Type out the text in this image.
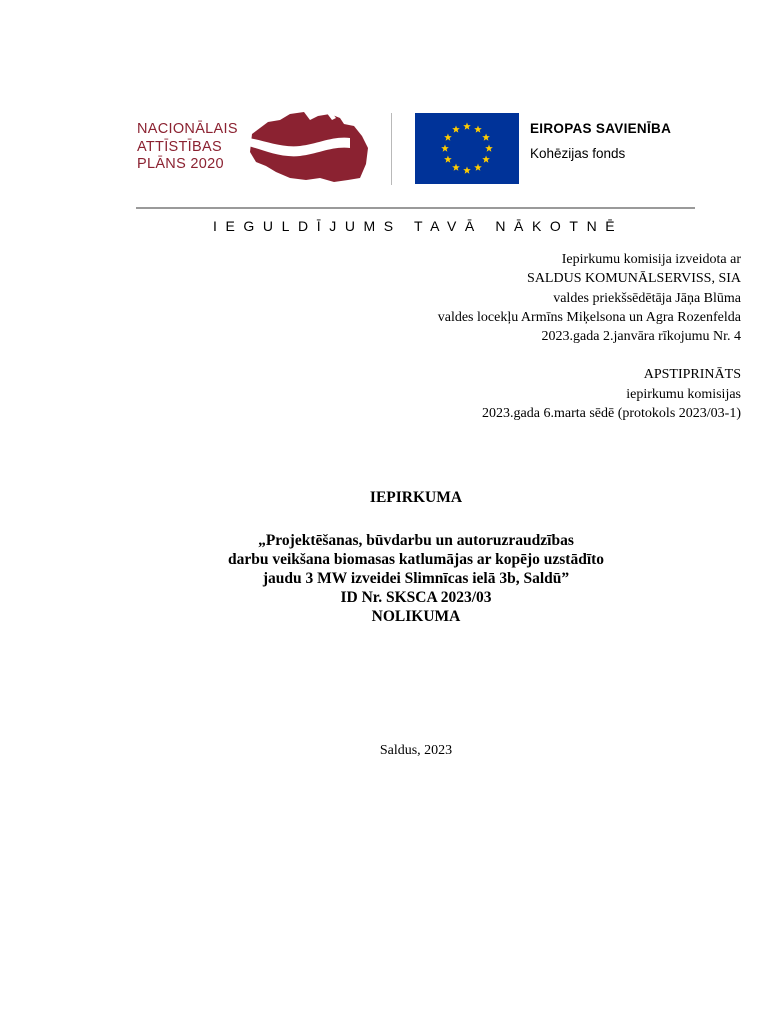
NACIONĀLAIS
ATTĪSTĪBAS
PLĀNS 2020
EIROPAS SAVIENĪBA
Kohēzijas fonds
IEGULDĪJUMS TAVĀ NĀKOTNĒ
Iepirkumu komisija izveidota ar
SALDUS KOMUNĀLSERVISS, SIA
valdes priekšsēdētāja Jāņa Blūma
valdes locekļu Armīns Miķelsona un Agra Rozenfelda
2023.gada 2.janvāra rīkojumu Nr. 4
APSTIPRINĀTS
iepirkumu komisijas
2023.gada 6.marta sēdē (protokols 2023/03-1)
IEPIRKUMA
„Projektēšanas, būvdarbu un autoruzraudzības
darbu veikšana biomasas katlumājas ar kopējo uzstādīto
jaudu 3 MW izveidei Slimnīcas ielā 3b, Saldū”
ID Nr. SKSCA 2023/03
NOLIKUMA
Saldus, 2023
